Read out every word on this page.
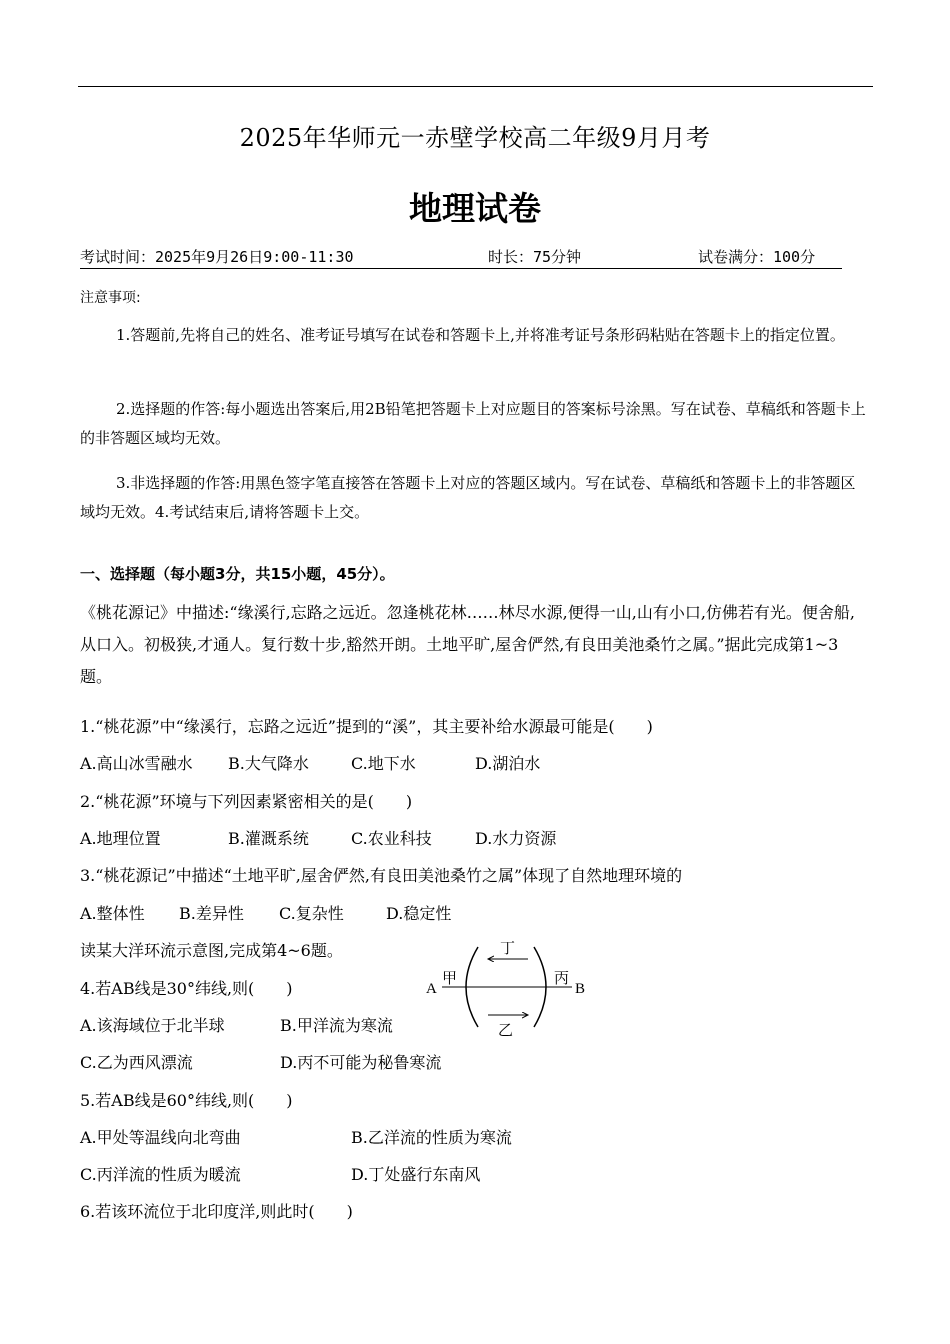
2025年华师元一赤壁学校高二年级9月月考
地理试卷
考试时间：2025年9月26日9:00-11:30	时长：75分钟	试卷满分：100分
注意事项:

1.答题前,先将自己的姓名、准考证号填写在试卷和答题卡上,并将准考证号条形码粘贴在答题卡上的指定位置。

2.选择题的作答:每小题选出答案后,用2B铅笔把答题卡上对应题目的答案标号涂黑。写在试卷、草稿纸和答题卡上的非答题区域均无效。

3.非选择题的作答:用黑色签字笔直接答在答题卡上对应的答题区域内。写在试卷、草稿纸和答题卡上的非答题区域均无效。4.考试结束后,请将答题卡上交。

一、选择题（每小题3分，共15小题，45分）。

《桃花源记》中描述:“缘溪行,忘路之远近。忽逢桃花林……林尽水源,便得一山,山有小口,仿佛若有光。便舍船,从口入。初极狭,才通人。复行数十步,豁然开朗。土地平旷,屋舍俨然,有良田美池桑竹之属。”据此完成第1~3题。

1.“桃花源”中“缘溪行，忘路之远近”提到的“溪”，其主要补给水源最可能是(　　)
A.高山冰雪融水 B.大气降水	C.地下水	D.湖泊水
2.“桃花源”环境与下列因素紧密相关的是(　　)
A.地理位置	B.灌溉系统	C.农业科技	D.水力资源
3.“桃花源记”中描述“土地平旷,屋舍俨然,有良田美池桑竹之属”体现了自然地理环境的
A.整体性 B.差异性 C.复杂性	D.稳定性
读某大洋环流示意图,完成第4~6题。
4.若AB线是30°纬线,则(　　)
A.该海域位于北半球	B.甲洋流为寒流
C.乙为西风漂流	D.丙不可能为秘鲁寒流
5.若AB线是60°纬线,则(　　)
A.甲处等温线向北弯曲	B.乙洋流的性质为寒流
C.丙洋流的性质为暖流	D.丁处盛行东南风
6.若该环流位于北印度洋,则此时(　　)
A	B
甲	丙
丁
乙
